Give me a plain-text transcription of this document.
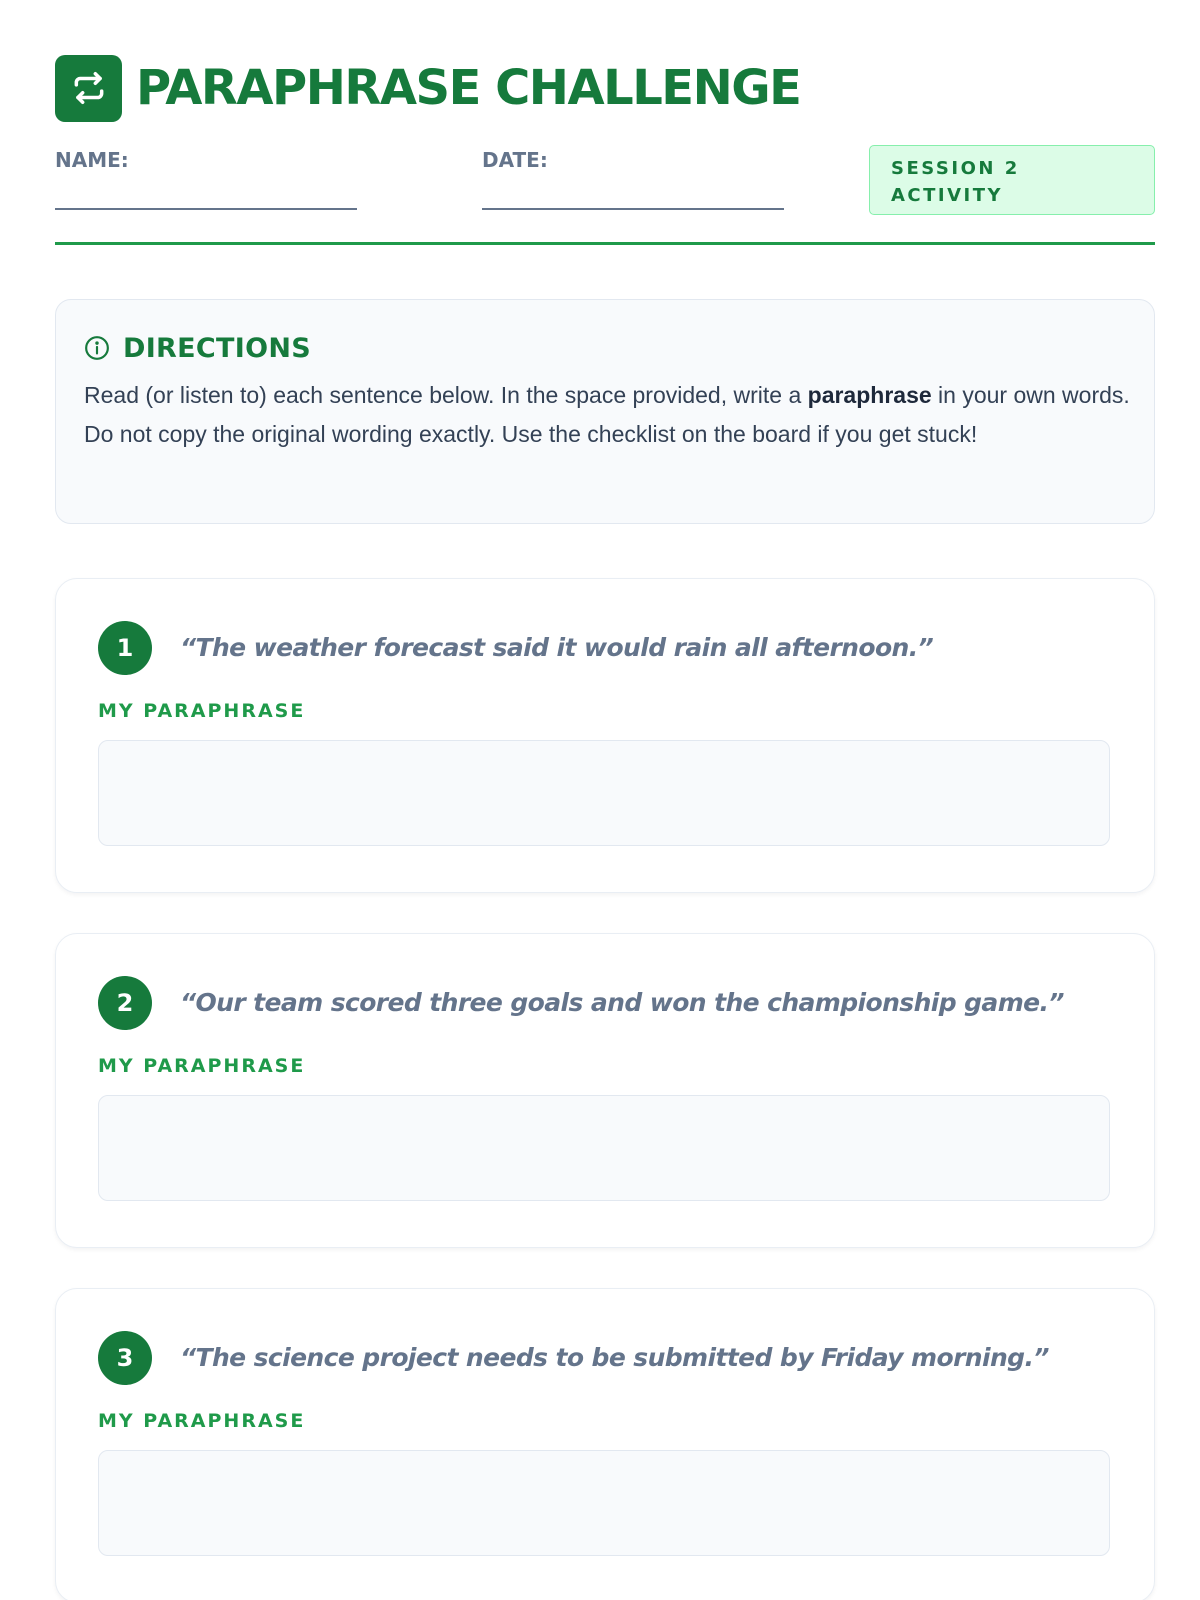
PARAPHRASE CHALLENGE
NAME:	DATE:	SESSION 2
ACTIVITY
DIRECTIONS

Read (or listen to) each sentence below. In the space provided, write a paraphrase in your own words. Do not copy the original wording exactly. Use the checklist on the board if you get stuck!

1	“The weather forecast said it would rain all afternoon.”

MY PARAPHRASE
2	“Our team scored three goals and won the championship game.”

MY PARAPHRASE
3	“The science project needs to be submitted by Friday morning.”

MY PARAPHRASE
